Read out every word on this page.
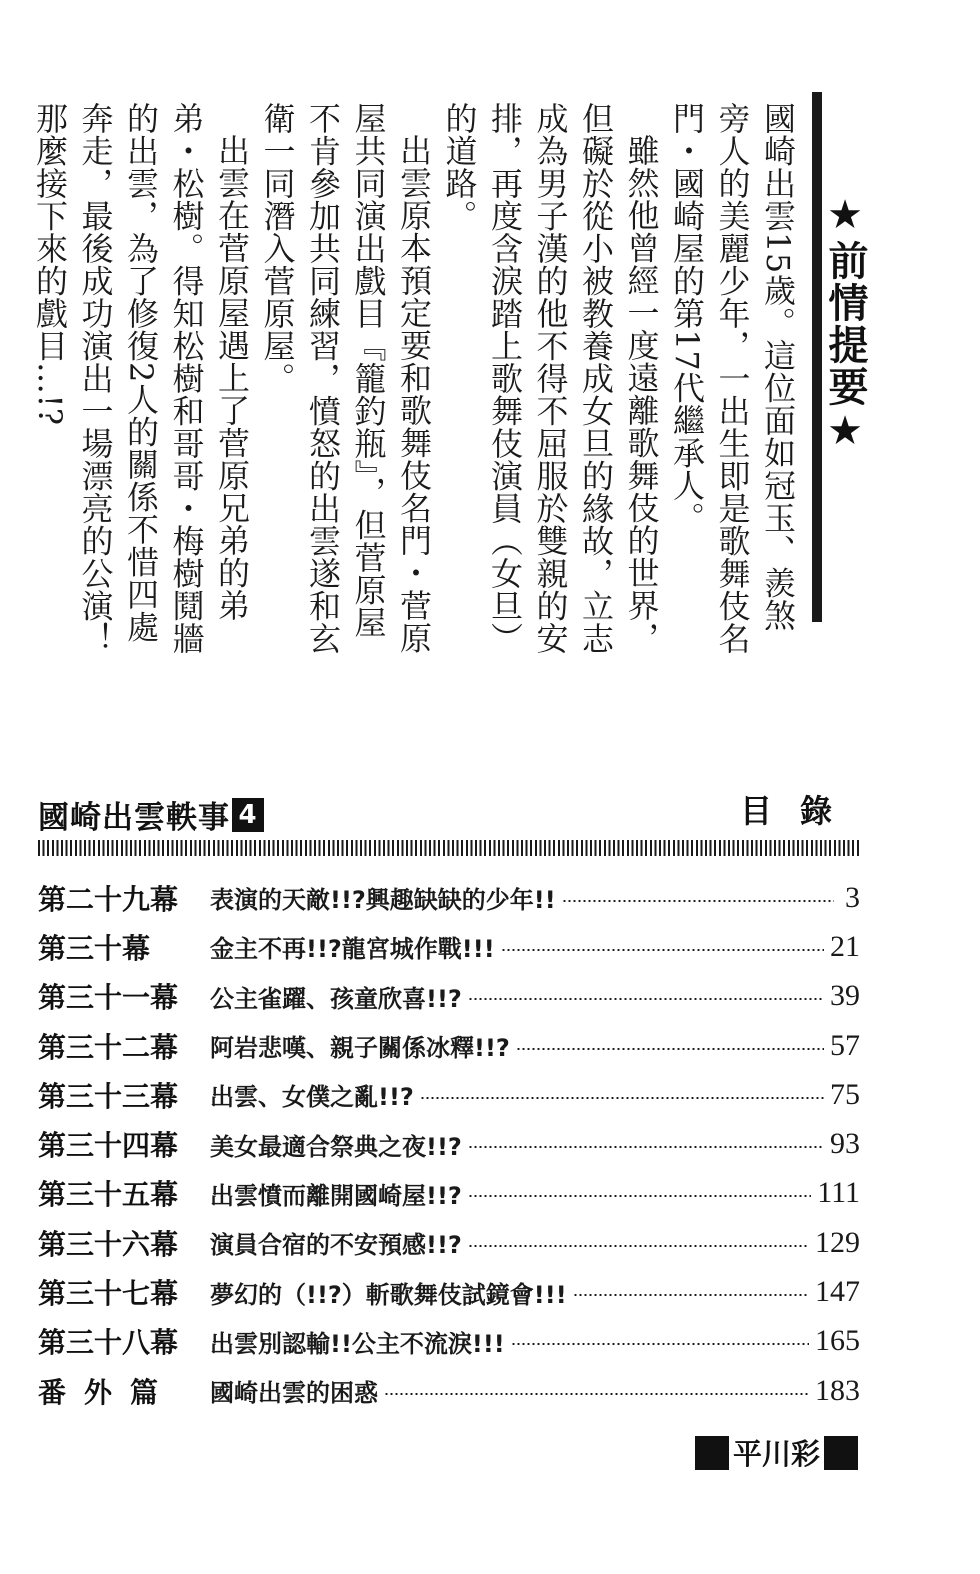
★前情提要★

國崎出雲15歲。這位面如冠玉、羨煞旁人的美麗少年，一出生即是歌舞伎名門・國崎屋的第17代繼承人。

雖然他曾經一度遠離歌舞伎的世界，但礙於從小被教養成女旦的緣故，立志成為男子漢的他不得不屈服於雙親的安排，再度含淚踏上歌舞伎演員（女旦）的道路。

出雲原本預定要和歌舞伎名門・菅原屋共同演出戲目『籠釣瓶』，但菅原屋不肯參加共同練習，憤怒的出雲遂和玄衛一同潛入菅原屋。

出雲在菅原屋遇上了菅原兄弟的弟弟・松樹。得知松樹和哥哥・梅樹鬩牆的出雲，為了修復2人的關係不惜四處奔走，最後成功演出一場漂亮的公演！那麼接下來的戲目…!?

國崎出雲軼事 4	目錄
第二十九幕	表演的天敵!!?興趣缺缺的少年!!	3
第三十幕	金主不再!!?龍宮城作戰!!!	21
第三十一幕	公主雀躍、孩童欣喜!!?	39
第三十二幕	阿岩悲嘆、親子關係冰釋!!?	57
第三十三幕	出雲、女僕之亂!!?	75
第三十四幕	美女最適合祭典之夜!!?	93
第三十五幕	出雲憤而離開國崎屋!!?	111
第三十六幕	演員合宿的不安預感!!?	129
第三十七幕	夢幻的（!!?）斬歌舞伎試鏡會!!!	147
第三十八幕	出雲別認輸!!公主不流淚!!!	165
番外篇	國崎出雲的困惑	183
平川彩
